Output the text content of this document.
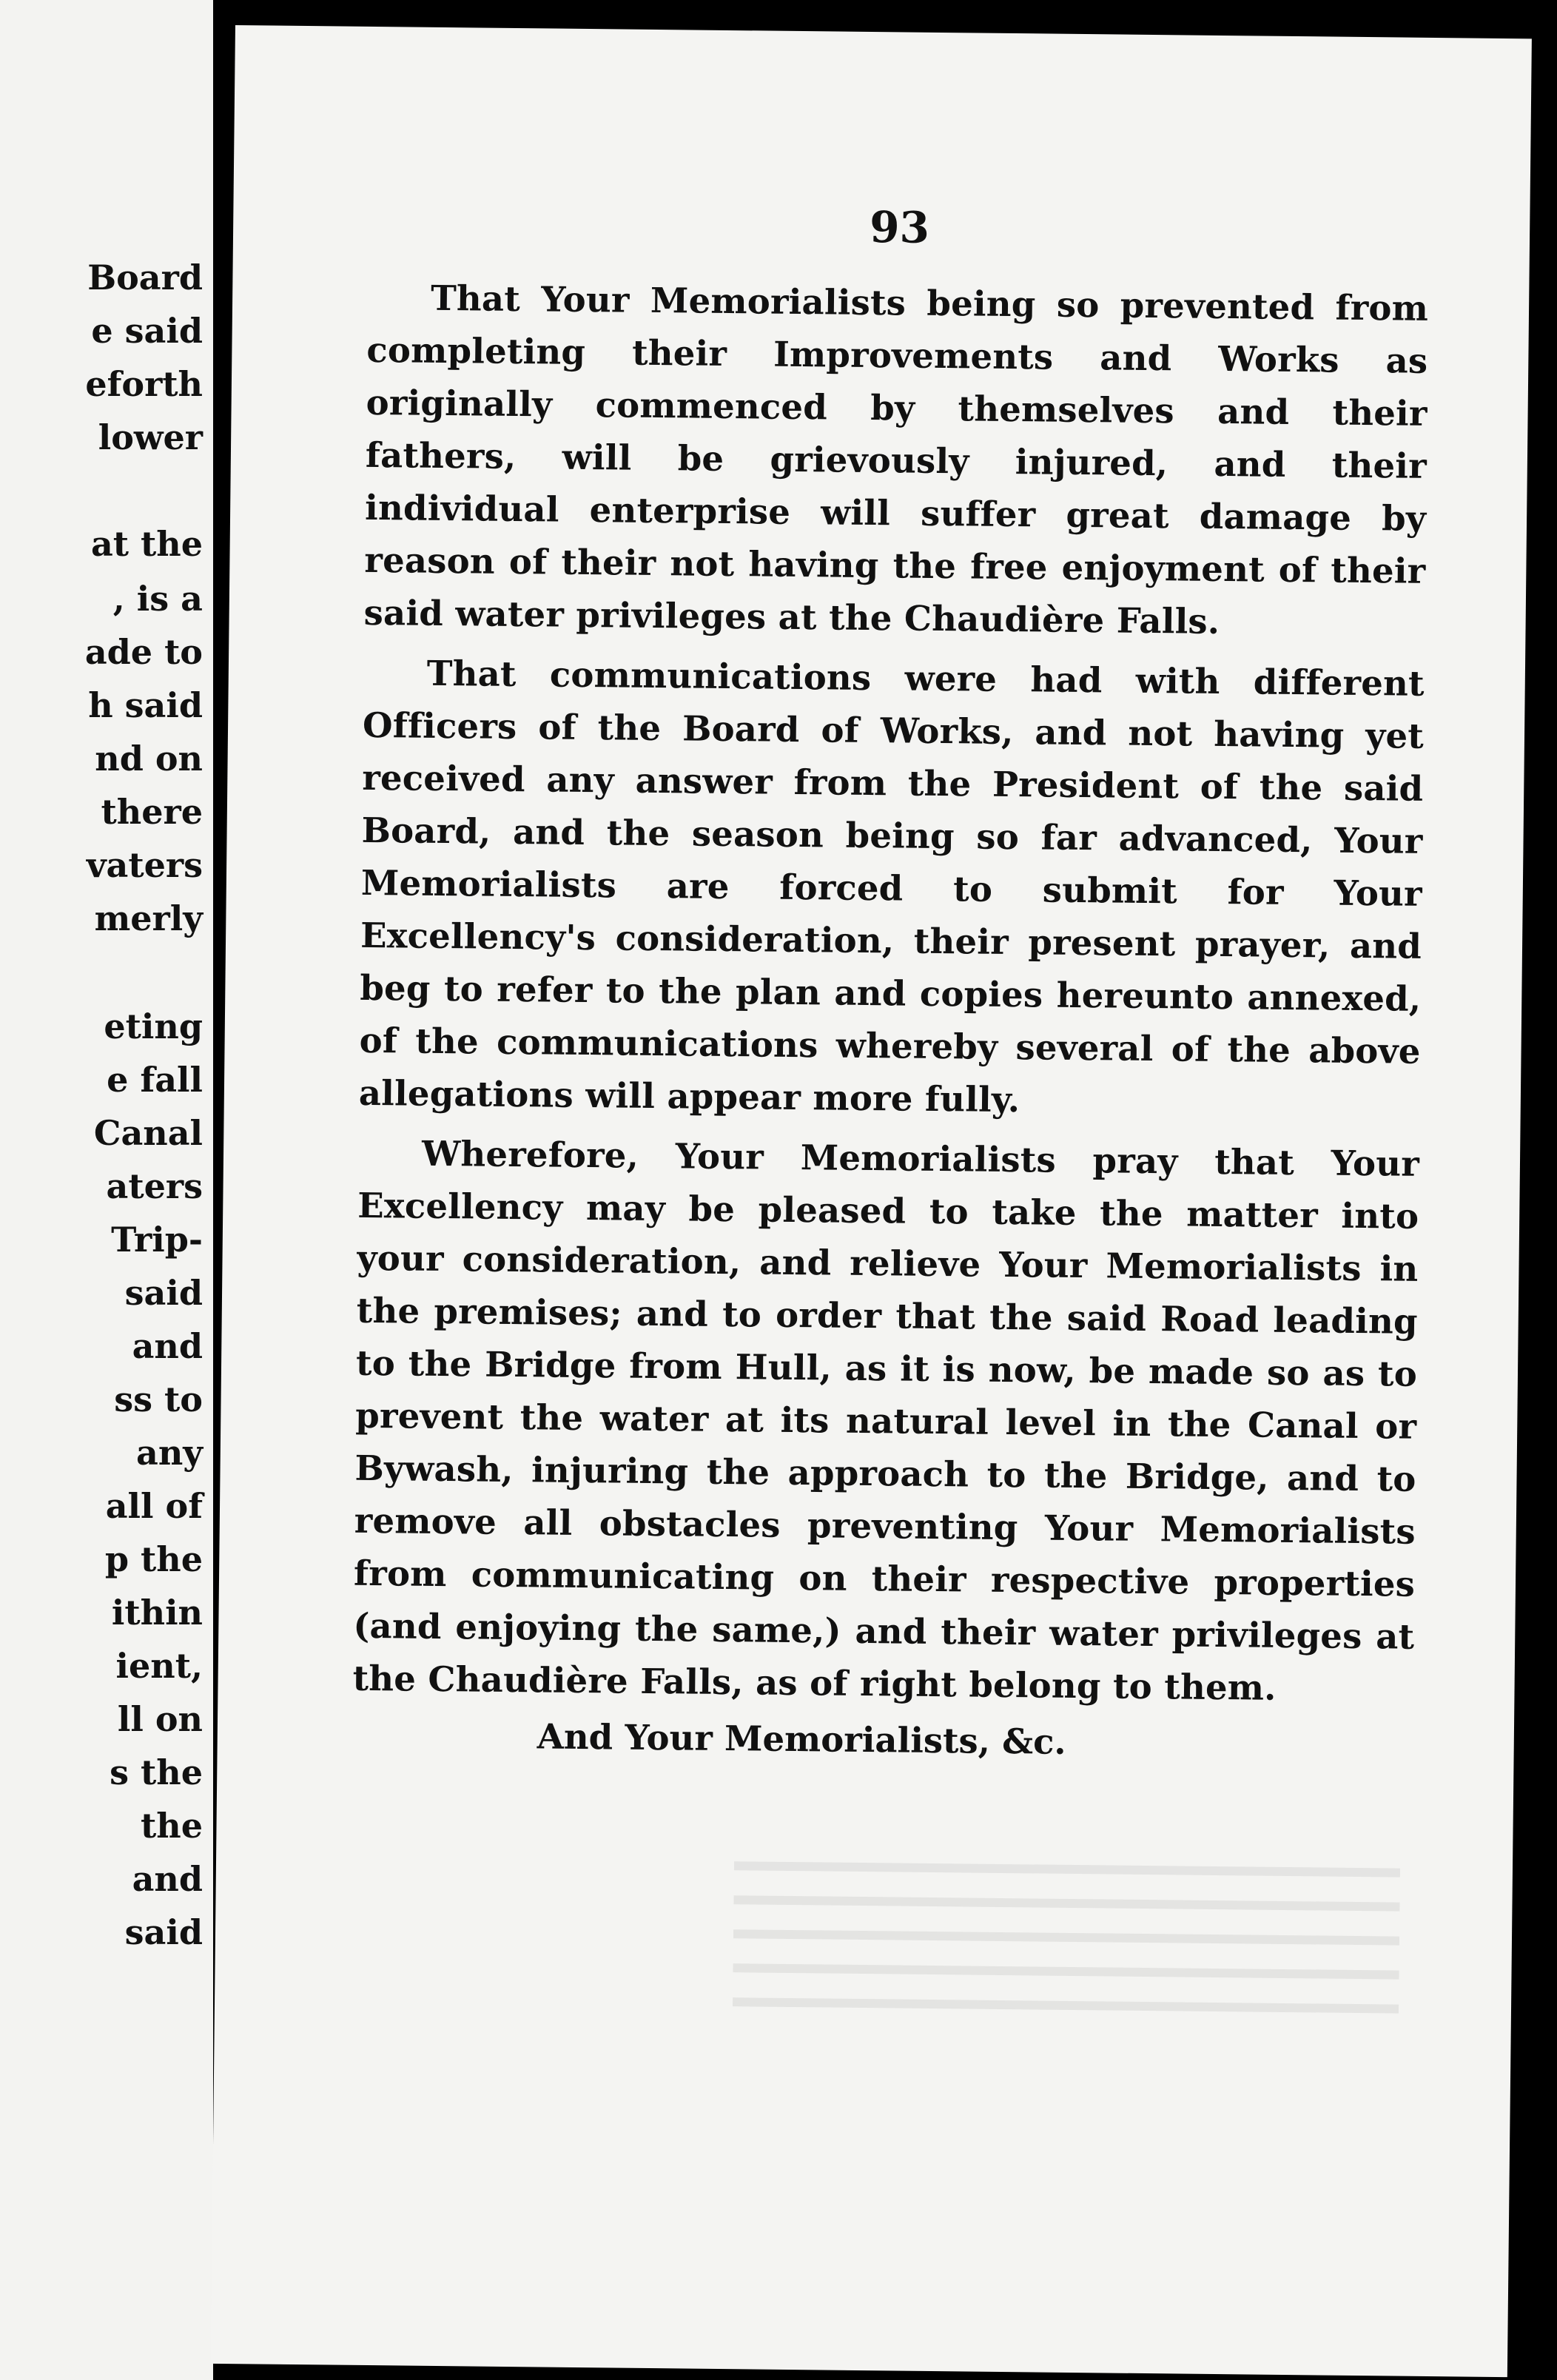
Board
e said
eforth
lower
at the
, is a
ade to
h said
nd on
there
vaters
merly
eting
e fall
Canal
aters
Trip-
said
and
ss to
any
all of
p the
ithin
ient,
ll on
s the
the
and
said
93

That Your Memorialists being so prevented from completing their Improvements and Works as originally commenced by themselves and their fathers, will be grievously injured, and their individual enterprise will suffer great damage by reason of their not having the free enjoyment of their said water privileges at the Chaudière Falls.

That communications were had with different Officers of the Board of Works, and not having yet received any answer from the President of the said Board, and the season being so far advanced, Your Memorialists are forced to submit for Your Excellency's consideration, their present prayer, and beg to refer to the plan and copies hereunto annexed, of the communications whereby several of the above allegations will appear more fully.

Wherefore, Your Memorialists pray that Your Excellency may be pleased to take the matter into your consideration, and relieve Your Memorialists in the premises; and to order that the said Road leading to the Bridge from Hull, as it is now, be made so as to prevent the water at its natural level in the Canal or Bywash, injuring the approach to the Bridge, and to remove all obstacles preventing Your Memorialists from communicating on their respective properties (and enjoying the same,) and their water privileges at the Chaudière Falls, as of right belong to them.

And Your Memorialists, &c.
